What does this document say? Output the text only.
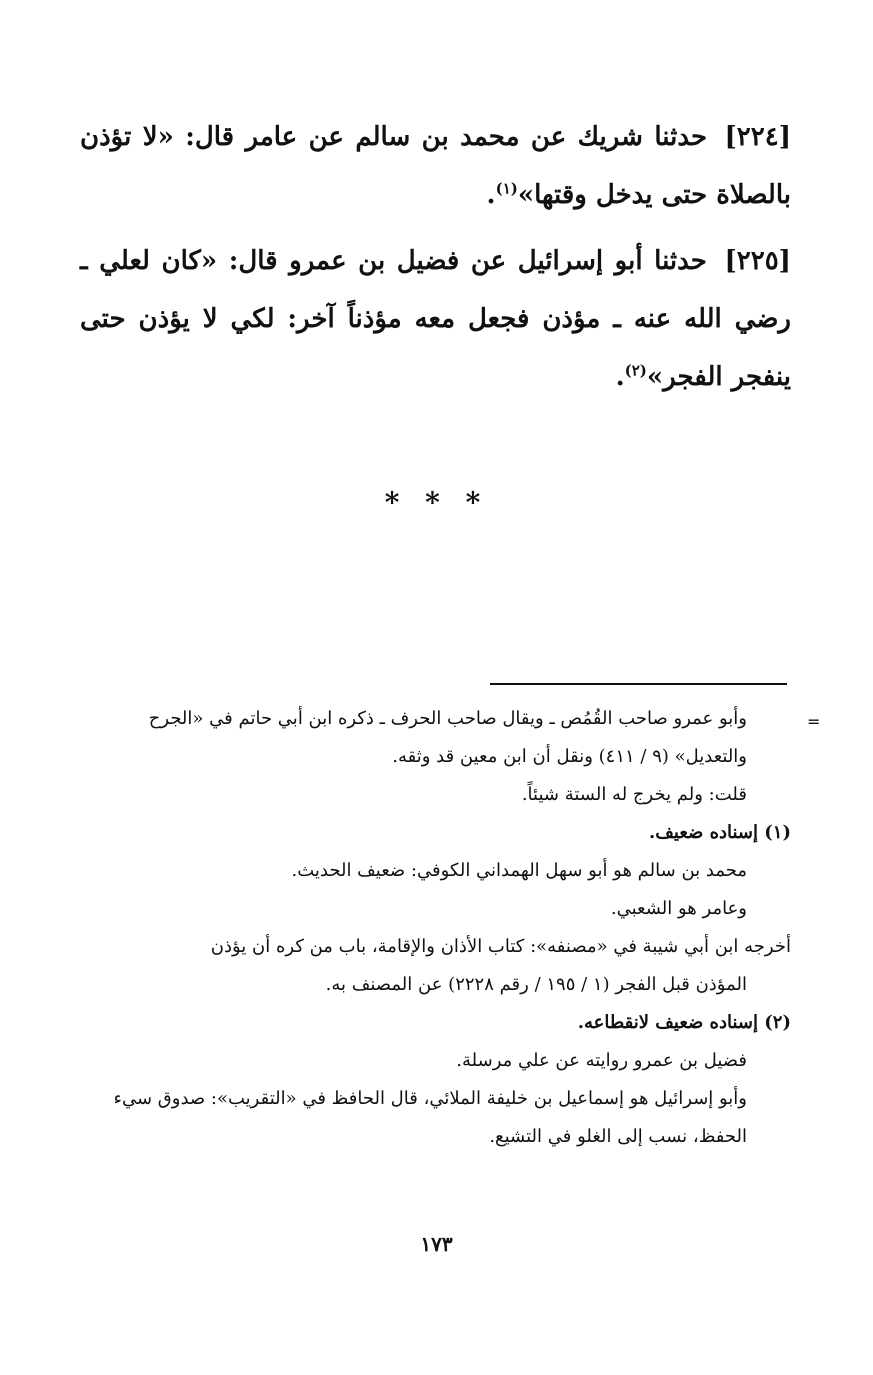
[٢٢٤] حدثنا شريك عن محمد بن سالم عن عامر قال: «لا تؤذن بالصلاة حتى يدخل وقتها»$^{(١)}$.

[٢٢٥] حدثنا أبو إسرائيل عن فضيل بن عمرو قال: «كان لعلي ـ رضي الله عنه ـ مؤذن فجعل معه مؤذناً آخر: لكي لا يؤذن حتى ينفجر الفجر»$^{(٢)}$.

* * *
=

وأبو عمرو صاحب القُمُص ـ ويقال صاحب الحرف ـ ذكره ابن أبي حاتم في «الجرح

والتعديل» (٩ / ٤١١) ونقل أن ابن معين قد وثقه.

قلت: ولم يخرج له الستة شيئاً.

(١) إسناده ضعيف.

محمد بن سالم هو أبو سهل الهمداني الكوفي: ضعيف الحديث.

وعامر هو الشعبي.

أخرجه ابن أبي شيبة في «مصنفه»: كتاب الأذان والإقامة، باب من كره أن يؤذن

المؤذن قبل الفجر (١ / ١٩٥ / رقم ٢٢٢٨) عن المصنف به.

(٢) إسناده ضعيف لانقطاعه.

فضيل بن عمرو روايته عن علي مرسلة.

وأبو إسرائيل هو إسماعيل بن خليفة الملائي، قال الحافظ في «التقريب»: صدوق سيء

الحفظ، نسب إلى الغلو في التشيع.

١٧٣
